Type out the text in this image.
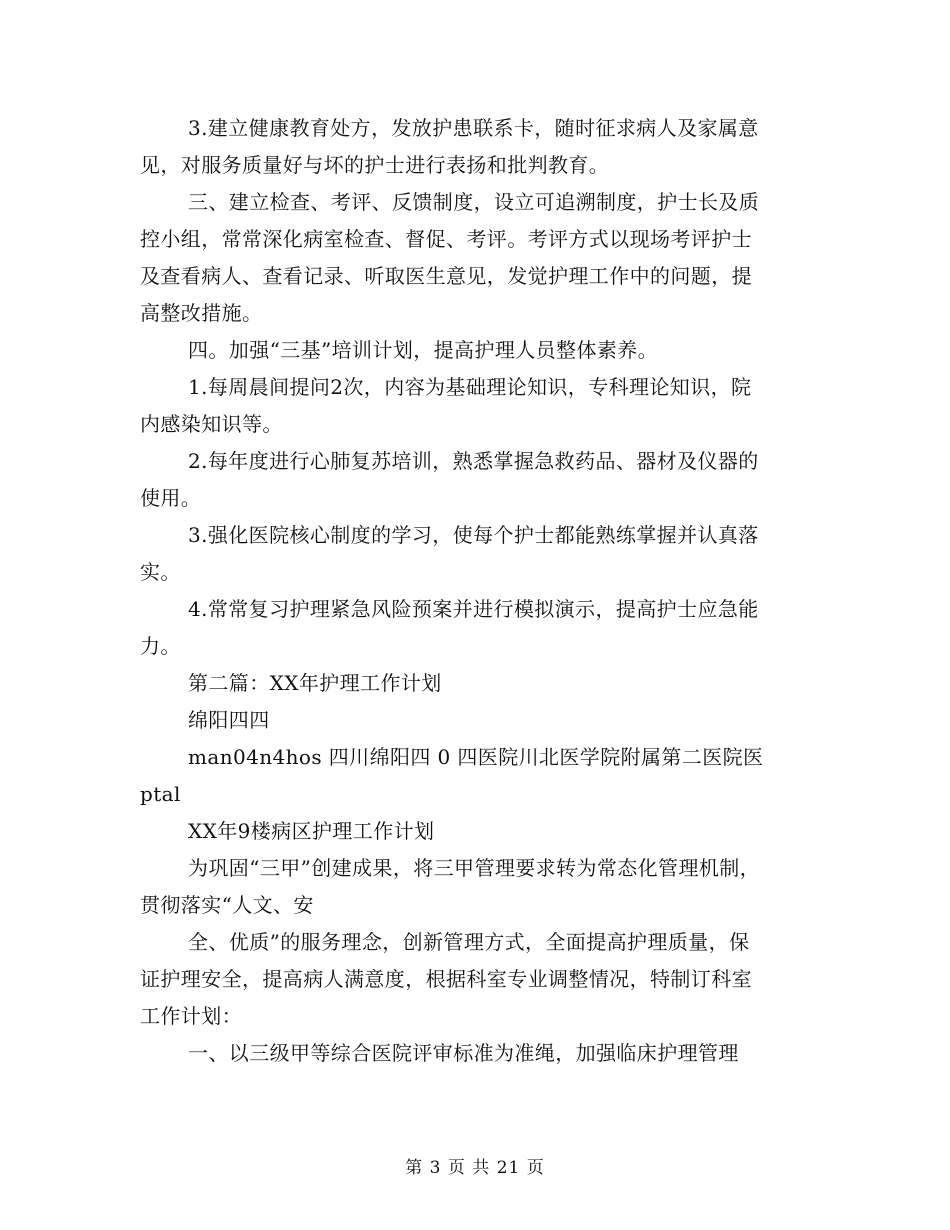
3.建立健康教育处方，发放护患联系卡，随时征求病人及家属意
见，对服务质量好与坏的护士进行表扬和批判教育。
三、建立检查、考评、反馈制度，设立可追溯制度，护士长及质
控小组，常常深化病室检查、督促、考评。考评方式以现场考评护士
及查看病人、查看记录、听取医生意见，发觉护理工作中的问题，提
高整改措施。
四。加强“三基”培训计划，提高护理人员整体素养。
1.每周晨间提问2次，内容为基础理论知识，专科理论知识，院
内感染知识等。
2.每年度进行心肺复苏培训，熟悉掌握急救药品、器材及仪器的
使用。
3.强化医院核心制度的学习，使每个护士都能熟练掌握并认真落
实。
4.常常复习护理紧急风险预案并进行模拟演示，提高护士应急能
力。
第二篇：XX年护理工作计划
绵阳四四
man04n4hos 四川绵阳四 0 四医院川北医学院附属第二医院医
ptal
XX年9楼病区护理工作计划
为巩固“三甲”创建成果，将三甲管理要求转为常态化管理机制，
贯彻落实“人文、安
全、优质”的服务理念，创新管理方式，全面提高护理质量，保
证护理安全，提高病人满意度，根据科室专业调整情况，特制订科室
工作计划：
一、以三级甲等综合医院评审标准为准绳，加强临床护理管理
第 3 页 共 21 页
